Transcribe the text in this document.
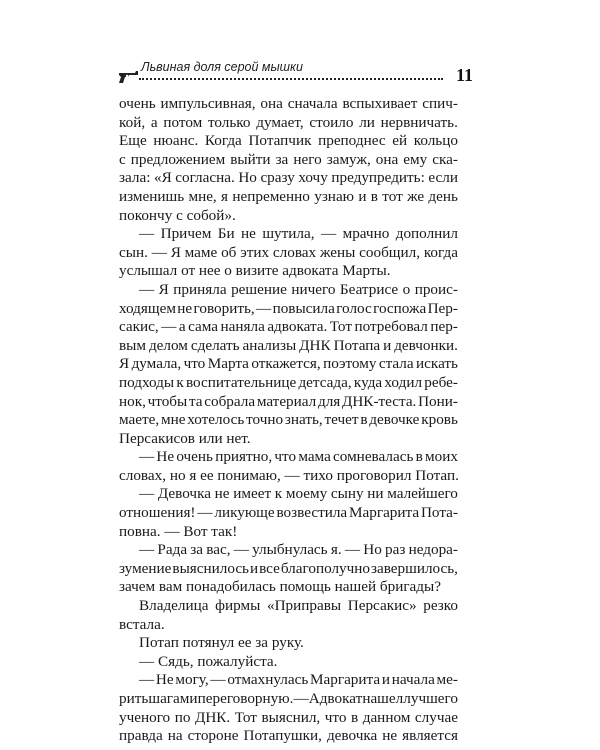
Львиная доля серой мышки	11
очень импульсивная, она сначала вспыхивает спич-
кой, а потом только думает, стоило ли нервничать.
Еще нюанс. Когда Потапчик преподнес ей кольцо
с предложением выйти за него замуж, она ему ска-
зала: «Я согласна. Но сразу хочу предупредить: если
изменишь мне, я непременно узнаю и в тот же день
покончу с собой».
— Причем Би не шутила, — мрачно дополнил
сын. — Я маме об этих словах жены сообщил, когда
услышал от нее о визите адвоката Марты.
— Я приняла решение ничего Беатрисе о проис-
ходящем не говорить, — повысила голос госпожа Пер-
сакис, — а сама наняла адвоката. Тот потребовал пер-
вым делом сделать анализы ДНК Потапа и девчонки.
Я думала, что Марта откажется, поэтому стала искать
подходы к воспитательнице детсада, куда ходил ребе-
нок, чтобы та собрала материал для ДНК-теста. Пони-
маете, мне хотелось точно знать, течет в девочке кровь
Персакисов или нет.
— Не очень приятно, что мама сомневалась в моих
словах, но я ее понимаю, — тихо проговорил Потап.
— Девочка не имеет к моему сыну ни малейшего
отношения! — ликующе возвестила Маргарита Пота-
повна. — Вот так!
— Рада за вас, — улыбнулась я. — Но раз недора-
зумение выяснилось и все благополучно завершилось,
зачем вам понадобилась помощь нашей бригады?
Владелица фирмы «Приправы Персакис» резко
встала.
Потап потянул ее за руку.
— Сядь, пожалуйста.
— Не могу, — отмахнулась Маргарита и начала ме-
рить шагами переговорную. — Адвокат нашел лучшего
ученого по ДНК. Тот выяснил, что в данном случае
правда на стороне Потапушки, девочка не является
